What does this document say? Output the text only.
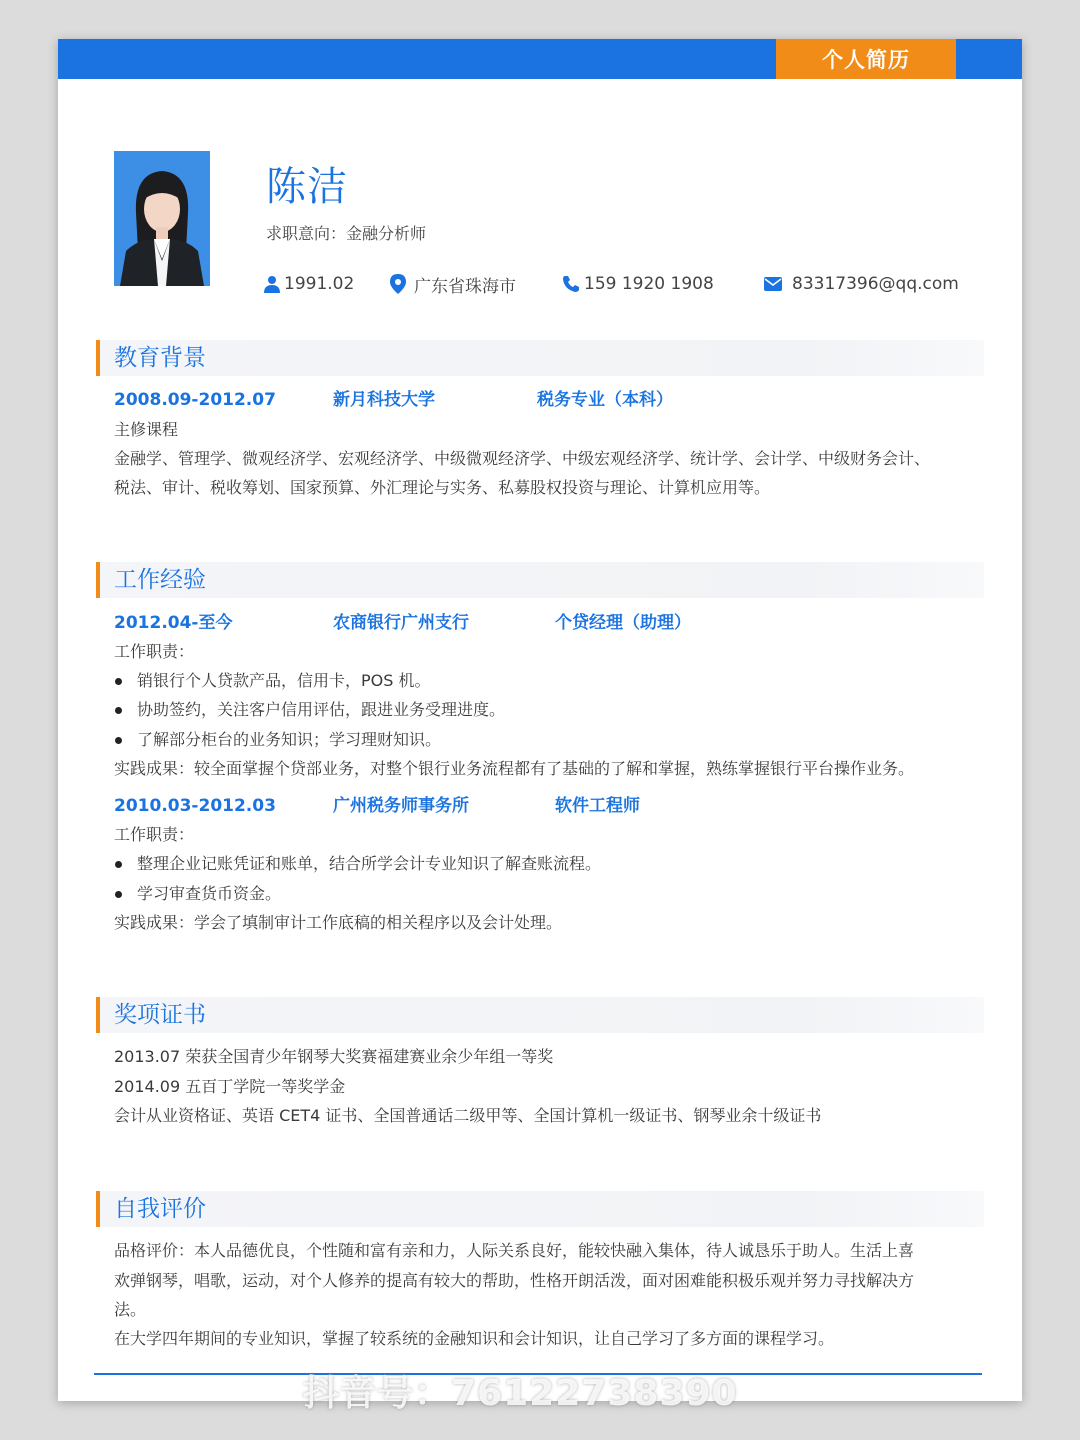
个人简历
陈洁
求职意向：金融分析师
1991.02	广东省珠海市	159 1920 1908	83317396@qq.com
教育背景
2008.09-2012.07	新月科技大学	税务专业（本科）
主修课程
金融学、管理学、微观经济学、宏观经济学、中级微观经济学、中级宏观经济学、统计学、会计学、中级财务会计、
税法、审计、税收筹划、国家预算、外汇理论与实务、私募股权投资与理论、计算机应用等。
工作经验
2012.04-至今	农商银行广州支行	个贷经理（助理）
工作职责：
销银行个人贷款产品，信用卡，POS 机。
协助签约，关注客户信用评估，跟进业务受理进度。
了解部分柜台的业务知识；学习理财知识。
实践成果：较全面掌握个贷部业务，对整个银行业务流程都有了基础的了解和掌握，熟练掌握银行平台操作业务。
2010.03-2012.03	广州税务师事务所	软件工程师
工作职责：
整理企业记账凭证和账单，结合所学会计专业知识了解查账流程。
学习审查货币资金。
实践成果：学会了填制审计工作底稿的相关程序以及会计处理。
奖项证书
2013.07 荣获全国青少年钢琴大奖赛福建赛业余少年组一等奖
2014.09 五百丁学院一等奖学金
会计从业资格证、英语 CET4 证书、全国普通话二级甲等、全国计算机一级证书、钢琴业余十级证书
自我评价
品格评价：本人品德优良，个性随和富有亲和力，人际关系良好，能较快融入集体，待人诚恳乐于助人。生活上喜
欢弹钢琴，唱歌，运动，对个人修养的提高有较大的帮助，性格开朗活泼，面对困难能积极乐观并努力寻找解决方
法。
在大学四年期间的专业知识，掌握了较系统的金融知识和会计知识，让自己学习了多方面的课程学习。
抖音号：76122738390
